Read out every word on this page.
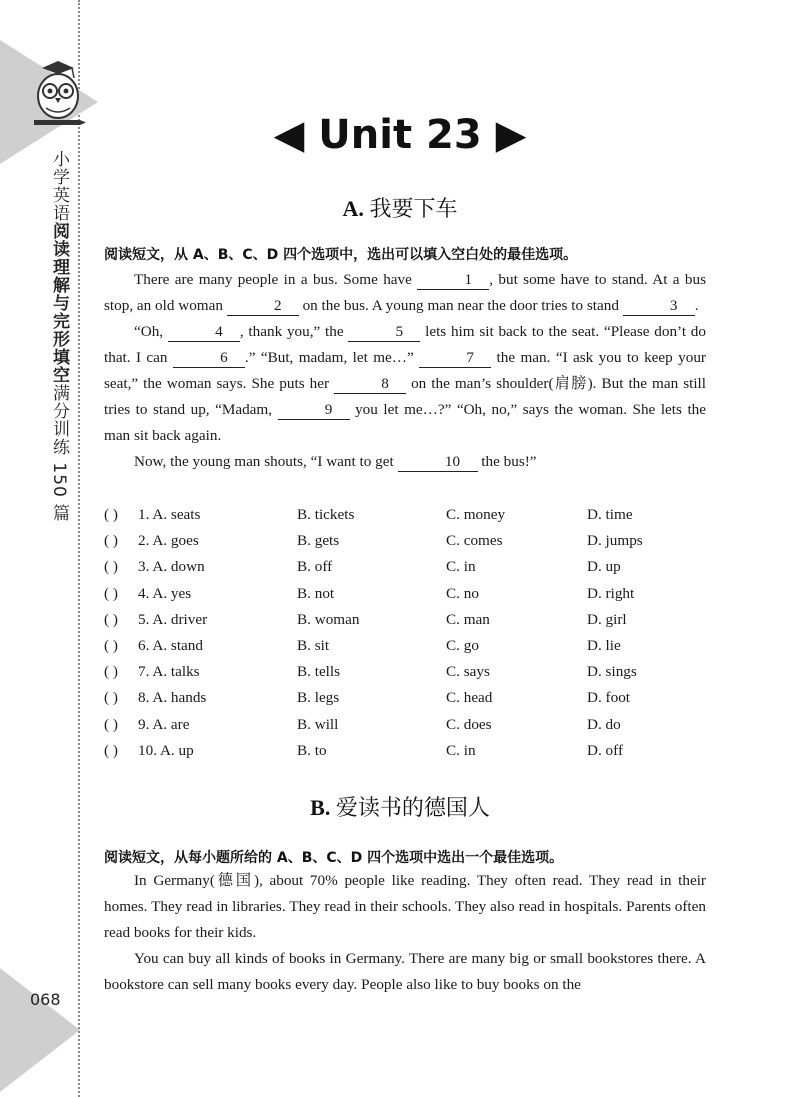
小学英语阅读理解与完形填空满分训练 150 篇
068
◀ Unit 23 ▶
A. 我要下车
阅读短文，从 A、B、C、D 四个选项中，选出可以填入空白处的最佳选项。

There are many people in a bus. Some have	1 , but some have to stand. At a bus stop, an old woman	2 on the bus. A young man near the door tries to stand	3 .

“Oh,	4 , thank you,” the	5 lets him sit back to the seat. “Please don’t do that. I can	6 .” “But, madam, let me…”	7 the man. “I ask you to keep your seat,” the woman says. She puts her	8 on the man’s shoulder(肩膀). But the man still tries to stand up, “Madam,	9 you let me…?” “Oh, no,” says the woman. She lets the man sit back again.

Now, the young man shouts, “I want to get	10 the bus!”

( ) 1. A. seats	B. tickets	C. money	D. time
( ) 2. A. goes	B. gets	C. comes	D. jumps
( ) 3. A. down	B. off	C. in	D. up
( ) 4. A. yes	B. not	C. no	D. right
( ) 5. A. driver	B. woman	C. man	D. girl
( ) 6. A. stand	B. sit	C. go	D. lie
( ) 7. A. talks	B. tells	C. says	D. sings
( ) 8. A. hands	B. legs	C. head	D. foot
( ) 9. A. are	B. will	C. does	D. do
( ) 10. A. up	B. to	C. in	D. off
B. 爱读书的德国人
阅读短文，从每小题所给的 A、B、C、D 四个选项中选出一个最佳选项。

In Germany(德国), about 70% people like reading. They often read. They read in their homes. They read in libraries. They read in their schools. They also read in hospitals. Parents often read books for their kids.

You can buy all kinds of books in Germany. There are many big or small bookstores there. A bookstore can sell many books every day. People also like to buy books on the
